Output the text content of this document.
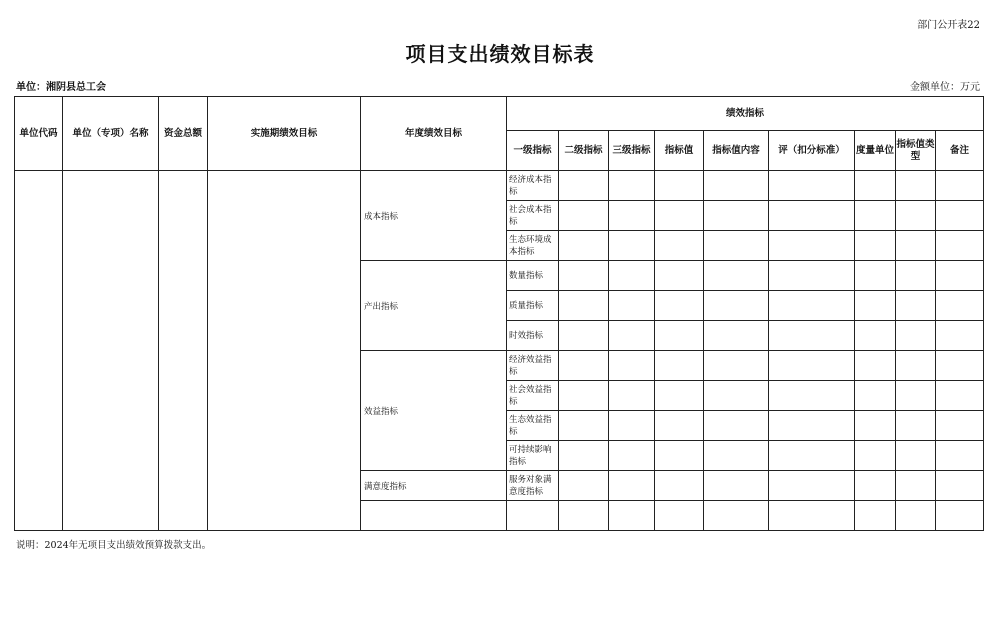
部门公开表22
项目支出绩效目标表
单位：湘阴县总工会	金额单位：万元
单位代码	单位（专项）名称	资金总额	实施期绩效目标	年度绩效目标	绩效指标								
					一级指标	二级指标	三级指标	指标值	指标值内容	评（扣分标准）	度量单位	指标值类型	备注
				成本指标	经济成本指标								
					社会成本指标								
					生态环境成本指标								
				产出指标	数量指标								
					质量指标								
					时效指标								
				效益指标	经济效益指标								
					社会效益指标								
					生态效益指标								
					可持续影响指标								
				满意度指标	服务对象满意度指标								

说明：2024年无项目支出绩效预算拨款支出。
